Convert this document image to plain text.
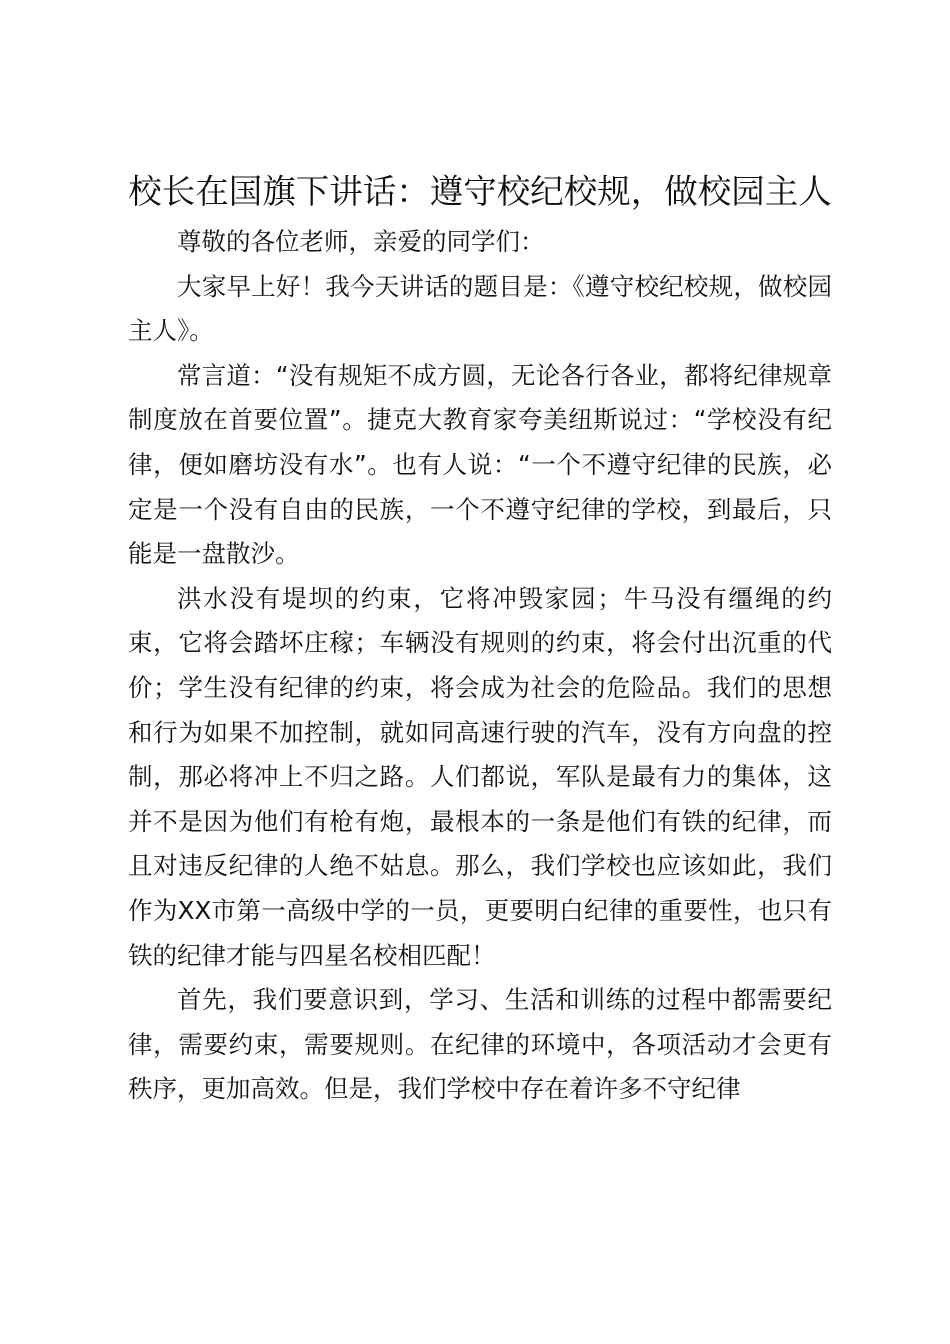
校长在国旗下讲话：遵守校纪校规，做校园主人

尊敬的各位老师，亲爱的同学们：

大家早上好！我今天讲话的题目是：《遵守校纪校规，做校园主人》。

常言道：“没有规矩不成方圆，无论各行各业，都将纪律规章制度放在首要位置”。捷克大教育家夸美纽斯说过：“学校没有纪律，便如磨坊没有水”。也有人说：“一个不遵守纪律的民族，必定是一个没有自由的民族，一个不遵守纪律的学校，到最后，只能是一盘散沙。

洪水没有堤坝的约束，它将冲毁家园；牛马没有缰绳的约束，它将会踏坏庄稼；车辆没有规则的约束，将会付出沉重的代价；学生没有纪律的约束，将会成为社会的危险品。我们的思想和行为如果不加控制，就如同高速行驶的汽车，没有方向盘的控制，那必将冲上不归之路。人们都说，军队是最有力的集体，这并不是因为他们有枪有炮，最根本的一条是他们有铁的纪律，而且对违反纪律的人绝不姑息。那么，我们学校也应该如此，我们作为XX市第一高级中学的一员，更要明白纪律的重要性，也只有铁的纪律才能与四星名校相匹配！

首先，我们要意识到，学习、生活和训练的过程中都需要纪律，需要约束，需要规则。在纪律的环境中，各项活动才会更有秩序，更加高效。但是，我们学校中存在着许多不守纪律
